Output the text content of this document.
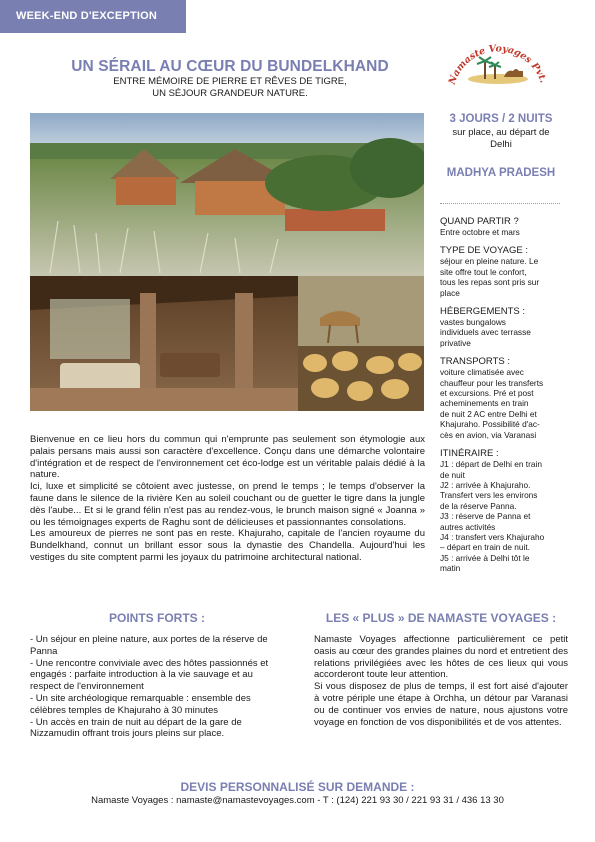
WEEK-END D'EXCEPTION
UN SÉRAIL AU CŒUR DU BUNDELKHAND
ENTRE MÉMOIRE DE PIERRE ET RÊVES DE TIGRE,
UN SÉJOUR GRANDEUR NATURE.
Namaste Voyages Pvt.
3 JOURS / 2 NUITS
sur place, au départ de
Delhi
MADHYA PRADESH
QUAND PARTIR ?
Entre octobre et mars
TYPE DE VOYAGE :
séjour en pleine nature. Le
site offre tout le confort,
tous les repas sont pris sur
place
HÉBERGEMENTS :
vastes bungalows
individuels avec terrasse
privative
TRANSPORTS :
voiture climatisée avec
chauffeur pour les transferts
et excursions. Pré et post
acheminements en train
de nuit 2 AC entre Delhi et
Khajuraho. Possibilité d'ac-
cès en avion, via Varanasi
ITINÉRAIRE :
J1 : départ de Delhi en train
de nuit
J2 : arrivée à Khajuraho.
Transfert vers les environs
de la réserve Panna.
J3 : réserve de Panna et
autres activités
J4 : transfert vers Khajuraho
– départ en train de nuit.
J5 : arrivée à Delhi tôt le
matin

Bienvenue en ce lieu hors du commun qui n'emprunte pas seulement son étymologie aux palais persans mais aussi son caractère d'excellence. Conçu dans une démarche volontaire d'intégration et de respect de l'environnement cet éco-lodge est un véritable palais dédié à la nature.

Ici, luxe et simplicité se côtoient avec justesse, on prend le temps ; le temps d'observer la faune dans le silence de la rivière Ken au soleil couchant ou de guetter le tigre dans la jungle dès l'aube... Et si le grand félin n'est pas au rendez-vous, le brunch maison signé « Joanna » ou les témoignages experts de Raghu sont de délicieuses et passionnantes consolations.

Les amoureux de pierres ne sont pas en reste. Khajuraho, capitale de l'ancien royaume du Bundelkhand, connut un brillant essor sous la dynastie des Chandella. Aujourd'hui les vestiges du site comptent parmi les joyaux du patrimoine architectural national.

POINTS FORTS :	LES « PLUS » DE NAMASTE VOYAGES :
- Un séjour en pleine nature, aux portes de la réserve de Panna
- Une rencontre conviviale avec des hôtes passionnés et engagés : parfaite introduction à la vie sauvage et au respect de l'environnement
- Un site archéologique remarquable : ensemble des célèbres temples de Khajuraho à 30 minutes
- Un accès en train de nuit au départ de la gare de Nizzamudin offrant trois jours pleins sur place.

Namaste Voyages affectionne particulièrement ce petit oasis au cœur des grandes plaines du nord et entretient des relations privilégiées avec les hôtes de ces lieux qui vous accorderont toute leur attention.

Si vous disposez de plus de temps, il est fort aisé d'ajouter à votre périple une étape à Orchha, un détour par Varanasi ou de continuer vos envies de nature, nous ajustons votre voyage en fonction de vos disponibilités et de vos attentes.

DEVIS PERSONNALISÉ SUR DEMANDE :
Namaste Voyages : namaste@namastevoyages.com - T : (124) 221 93 30 / 221 93 31 / 436 13 30
